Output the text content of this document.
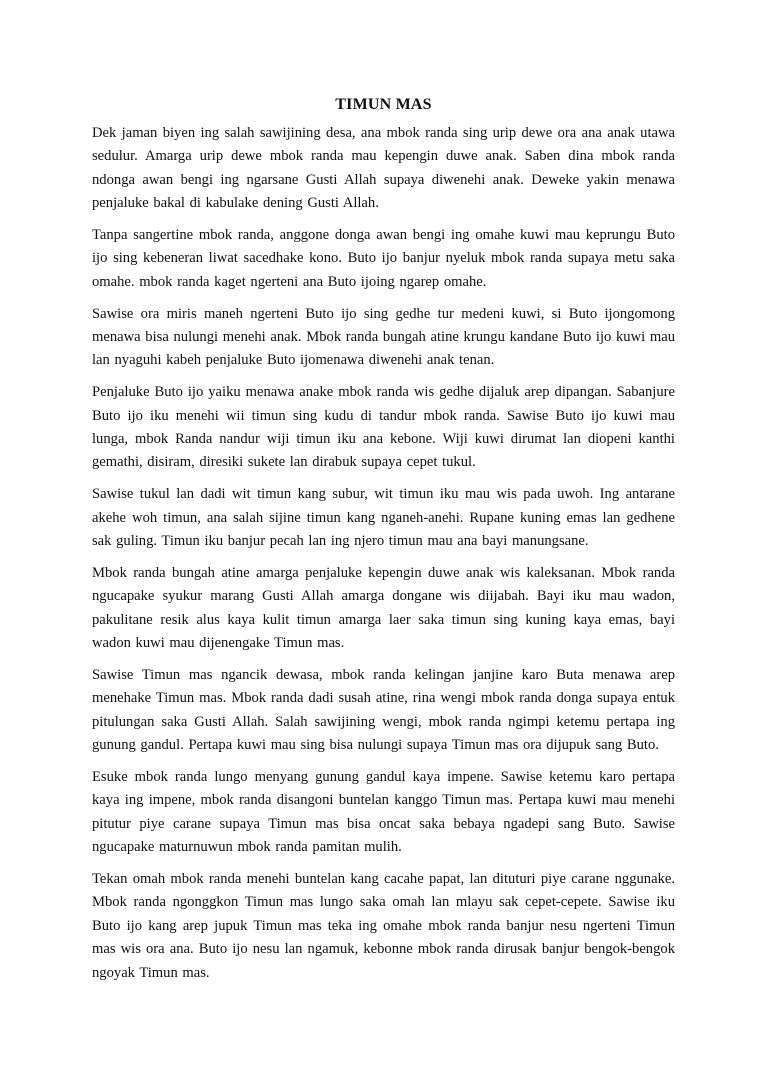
TIMUN MAS

Dek jaman biyen ing salah sawijining desa, ana mbok randa sing urip dewe ora ana anak utawa sedulur. Amarga urip dewe mbok randa mau kepengin duwe anak. Saben dina mbok randa ndonga awan bengi ing ngarsane Gusti Allah supaya diwenehi anak. Deweke yakin menawa penjaluke bakal di kabulake dening Gusti Allah.

Tanpa sangertine mbok randa, anggone donga awan bengi ing omahe kuwi mau keprungu Buto ijo sing kebeneran liwat sacedhake kono. Buto ijo banjur nyeluk mbok randa supaya metu saka omahe. mbok randa kaget ngerteni ana Buto ijoing ngarep omahe.

Sawise ora miris maneh ngerteni Buto ijo sing gedhe tur medeni kuwi, si Buto ijongomong menawa bisa nulungi menehi anak. Mbok randa bungah atine krungu kandane Buto ijo kuwi mau lan nyaguhi kabeh penjaluke Buto ijomenawa diwenehi anak tenan.

Penjaluke Buto ijo yaiku menawa anake mbok randa wis gedhe dijaluk arep dipangan. Sabanjure Buto ijo iku menehi wii timun sing kudu di tandur mbok randa. Sawise Buto ijo kuwi mau lunga, mbok Randa nandur wiji timun iku ana kebone. Wiji kuwi dirumat lan diopeni kanthi gemathi, disiram, diresiki sukete lan dirabuk supaya cepet tukul.

Sawise tukul lan dadi wit timun kang subur, wit timun iku mau wis pada uwoh. Ing antarane akehe woh timun, ana salah sijine timun kang nganeh-anehi. Rupane kuning emas lan gedhene sak guling. Timun iku banjur pecah lan ing njero timun mau ana bayi manungsane.

Mbok randa bungah atine amarga penjaluke kepengin duwe anak wis kaleksanan. Mbok randa ngucapake syukur marang Gusti Allah amarga dongane wis diijabah. Bayi iku mau wadon, pakulitane resik alus kaya kulit timun amarga laer saka timun sing kuning kaya emas, bayi wadon kuwi mau dijenengake Timun mas.

Sawise Timun mas ngancik dewasa, mbok randa kelingan janjine karo Buta menawa arep menehake Timun mas. Mbok randa dadi susah atine, rina wengi mbok randa donga supaya entuk pitulungan saka Gusti Allah. Salah sawijining wengi, mbok randa ngimpi ketemu pertapa ing gunung gandul. Pertapa kuwi mau sing bisa nulungi supaya Timun mas ora dijupuk sang Buto.

Esuke mbok randa lungo menyang gunung gandul kaya impene. Sawise ketemu karo pertapa kaya ing impene, mbok randa disangoni buntelan kanggo Timun mas. Pertapa kuwi mau menehi pitutur piye carane supaya Timun mas bisa oncat saka bebaya ngadepi sang Buto. Sawise ngucapake maturnuwun mbok randa pamitan mulih.

Tekan omah mbok randa menehi buntelan kang cacahe papat, lan dituturi piye carane nggunake. Mbok randa ngonggkon Timun mas lungo saka omah lan mlayu sak cepet-cepete. Sawise iku Buto ijo kang arep jupuk Timun mas teka ing omahe mbok randa banjur nesu ngerteni Timun mas wis ora ana. Buto ijo nesu lan ngamuk, kebonne mbok randa dirusak banjur bengok-bengok ngoyak Timun mas.
